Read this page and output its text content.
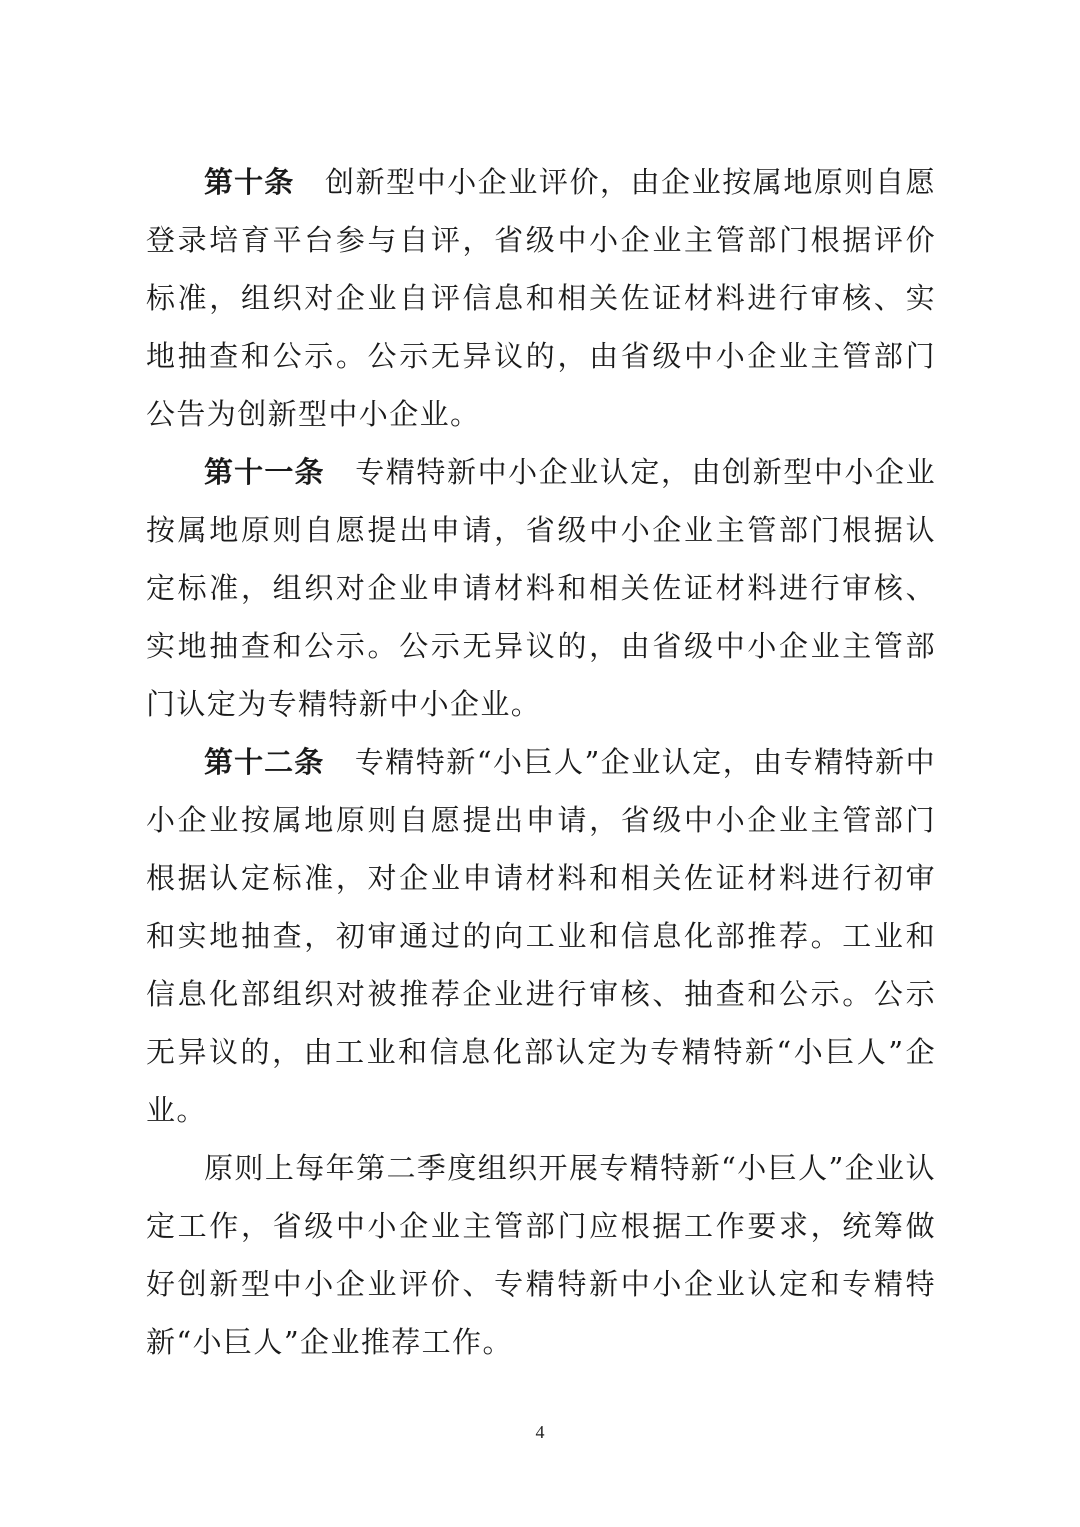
第十条  创新型中小企业评价，由企业按属地原则自愿登录培育平台参与自评，省级中小企业主管部门根据评价标准，组织对企业自评信息和相关佐证材料进行审核、实地抽查和公示。公示无异议的，由省级中小企业主管部门公告为创新型中小企业。

第十一条  专精特新中小企业认定，由创新型中小企业按属地原则自愿提出申请，省级中小企业主管部门根据认定标准，组织对企业申请材料和相关佐证材料进行审核、实地抽查和公示。公示无异议的，由省级中小企业主管部门认定为专精特新中小企业。

第十二条  专精特新“小巨人”企业认定，由专精特新中小企业按属地原则自愿提出申请，省级中小企业主管部门根据认定标准，对企业申请材料和相关佐证材料进行初审和实地抽查，初审通过的向工业和信息化部推荐。工业和信息化部组织对被推荐企业进行审核、抽查和公示。公示无异议的，由工业和信息化部认定为专精特新“小巨人”企业。

原则上每年第二季度组织开展专精特新“小巨人”企业认定工作，省级中小企业主管部门应根据工作要求，统筹做好创新型中小企业评价、专精特新中小企业认定和专精特新“小巨人”企业推荐工作。

4
